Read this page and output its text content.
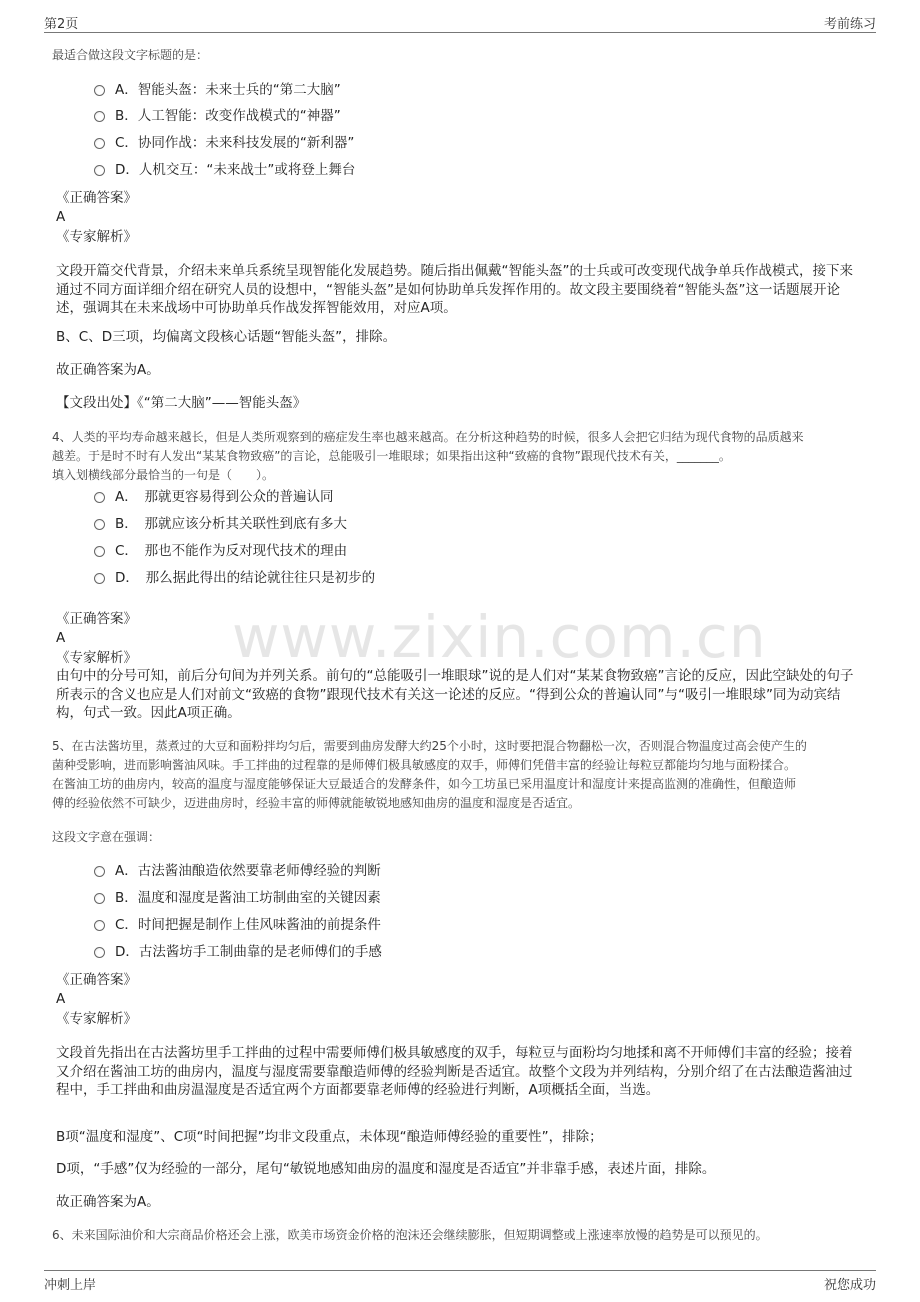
第2页	考前练习
www.zixin.com.cn
最适合做这段文字标题的是：
A．智能头盔：未来士兵的“第二大脑”
B．人工智能：改变作战模式的“神器”
C．协同作战：未来科技发展的“新利器”
D．人机交互：“未来战士”或将登上舞台
《正确答案》
A
《专家解析》
文段开篇交代背景，介绍未来单兵系统呈现智能化发展趋势。随后指出佩戴“智能头盔”的士兵或可改变现代战争单兵作战模式，接下来通过不同方面详细介绍在研究人员的设想中，“智能头盔”是如何协助单兵发挥作用的。故文段主要围绕着“智能头盔”这一话题展开论述，强调其在未来战场中可协助单兵作战发挥智能效用，对应A项。
B、C、D三项，均偏离文段核心话题“智能头盔”，排除。
故正确答案为A。
【文段出处】《“第二大脑”——智能头盔》
4、人类的平均寿命越来越长，但是人类所观察到的癌症发生率也越来越高。在分析这种趋势的时候，很多人会把它归结为现代食物的品质越来
越差。于是时不时有人发出“某某食物致癌”的言论，总能吸引一堆眼球；如果指出这种“致癌的食物”跟现代技术有关，_______。
填入划横线部分最恰当的一句是（　　）。
A．　那就更容易得到公众的普遍认同
B．　那就应该分析其关联性到底有多大
C．　那也不能作为反对现代技术的理由
D．　那么据此得出的结论就往往只是初步的
《正确答案》
A
《专家解析》
由句中的分号可知，前后分句间为并列关系。前句的“总能吸引一堆眼球”说的是人们对“某某食物致癌”言论的反应，因此空缺处的句子所表示的含义也应是人们对前文“致癌的食物”跟现代技术有关这一论述的反应。“得到公众的普遍认同”与“吸引一堆眼球”同为动宾结构，句式一致。因此A项正确。
5、在古法酱坊里，蒸煮过的大豆和面粉拌均匀后，需要到曲房发酵大约25个小时，这时要把混合物翻松一次，否则混合物温度过高会使产生的
菌种受影响，进而影响酱油风味。手工拌曲的过程靠的是师傅们极具敏感度的双手，师傅们凭借丰富的经验让每粒豆都能均匀地与面粉揉合。
在酱油工坊的曲房内，较高的温度与湿度能够保证大豆最适合的发酵条件，如今工坊虽已采用温度计和湿度计来提高监测的准确性，但酿造师
傅的经验依然不可缺少，迈进曲房时，经验丰富的师傅就能敏锐地感知曲房的温度和湿度是否适宜。
这段文字意在强调：
A．古法酱油酿造依然要靠老师傅经验的判断
B．温度和湿度是酱油工坊制曲室的关键因素
C．时间把握是制作上佳风味酱油的前提条件
D．古法酱坊手工制曲靠的是老师傅们的手感
《正确答案》
A
《专家解析》
文段首先指出在古法酱坊里手工拌曲的过程中需要师傅们极具敏感度的双手，每粒豆与面粉均匀地揉和离不开师傅们丰富的经验；接着又介绍在酱油工坊的曲房内，温度与湿度需要靠酿造师傅的经验判断是否适宜。故整个文段为并列结构，分别介绍了在古法酿造酱油过程中，手工拌曲和曲房温湿度是否适宜两个方面都要靠老师傅的经验进行判断，A项概括全面，当选。
B项“温度和湿度”、C项“时间把握”均非文段重点，未体现“酿造师傅经验的重要性”，排除；
D项，“手感”仅为经验的一部分，尾句“敏锐地感知曲房的温度和湿度是否适宜”并非靠手感，表述片面，排除。
故正确答案为A。
6、未来国际油价和大宗商品价格还会上涨，欧美市场资金价格的泡沫还会继续膨胀，但短期调整或上涨速率放慢的趋势是可以预见的。
冲刺上岸	祝您成功
